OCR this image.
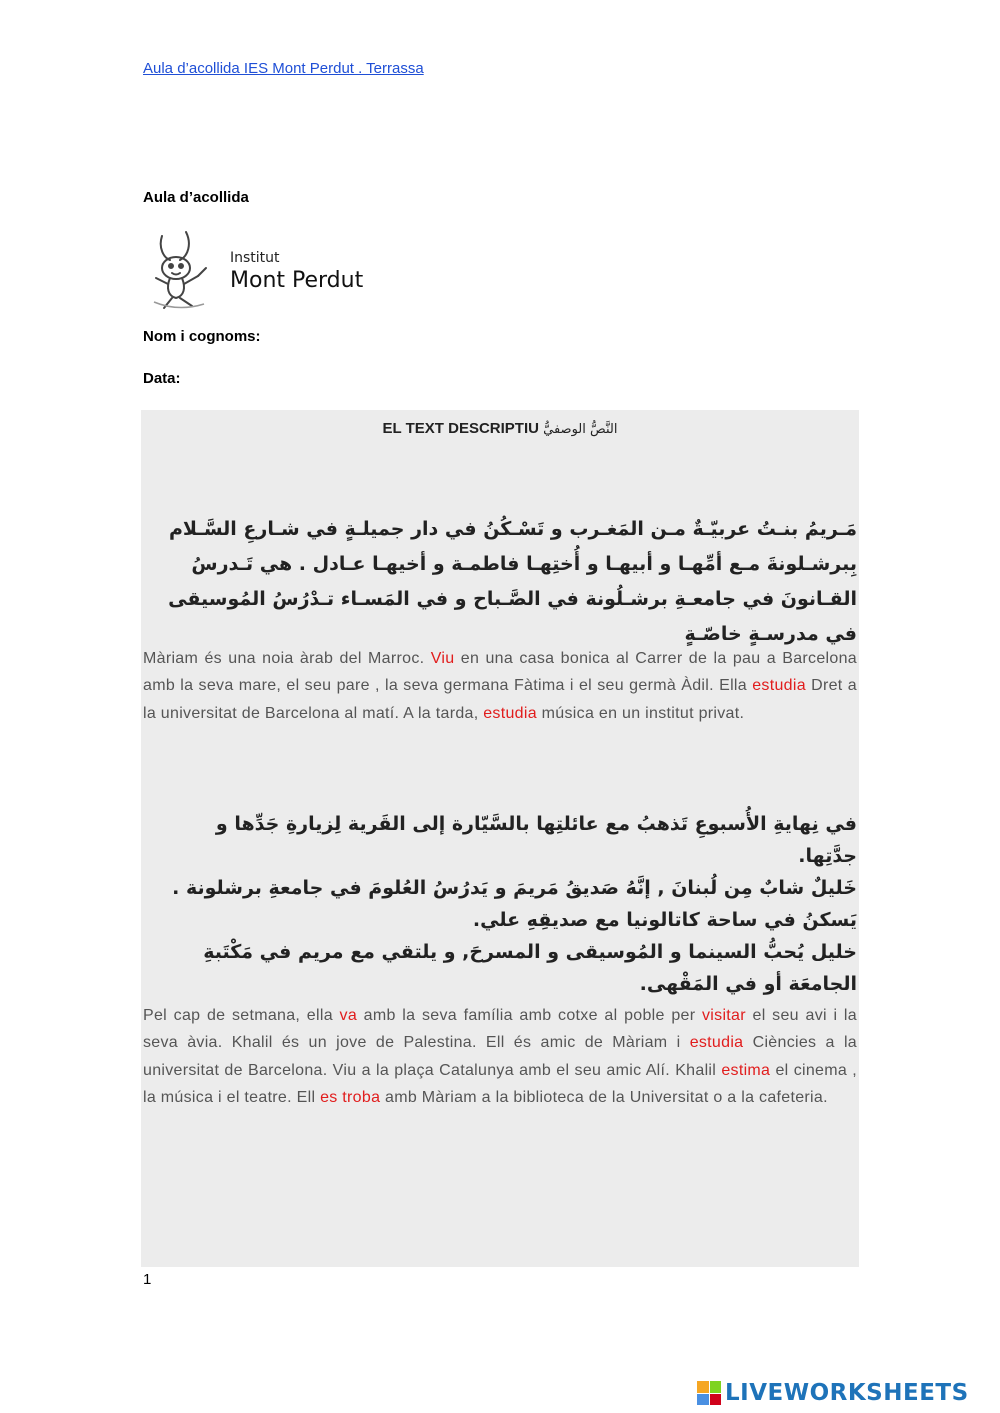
Aula d’acollida IES Mont Perdut . Terrassa
Aula d’acollida
Institut
Mont Perdut
Nom i cognoms:
Data:
EL TEXT DESCRIPTIU النَّصُّ الوصفيُّ

مَـريمُ بنـتُ عربيّـةٌ مـن المَغـرب و تَسْـكُنُ في دار جميلـةٍ في شـارعِ السَّـلام بِبرشـلونةَ مـع أمِّهـا و أبيهـا و أُختِهـا فاطمـة و أخيهـا عـادل . هي تَـدرسُ القـانونَ في جامعـةِ برشـلُونة في الصَّـباح و في المَسـاء تـدْرُسُ المُوسيقى في مدرسـةٍ خاصّـةٍ

Màriam és una noia àrab del Marroc. Viu en una casa bonica al Carrer de la pau a Barcelona amb la seva mare, el seu pare , la seva germana Fàtima i el seu germà Àdil. Ella estudia Dret a la universitat de Barcelona al matí. A la tarda, estudia música en un institut privat.

في نِهايةِ الأُسبوعِ تَذهبُ مع عائلتِها بالسَّيّارة إلى القَرية لِزيارةِ جَدِّها و جدَّتِها.

خَليلٌ شابٌ مِن لُبنانَ , إنَّهُ صَديقُ مَريمَ و يَدرُسُ العُلومَ في جامعةِ برشلونة . يَسكنُ في ساحة كاتالونيا مع صديقِهِ علي.

خليل يُحبُّ السينما و المُوسيقى و المسرحَ, و يلتقي مع مريم في مَكْتَبةِ الجامعَة أو في المَقْهى.

Pel cap de setmana, ella va amb la seva família amb cotxe al poble per visitar el seu avi i la seva àvia. Khalil és un jove de Palestina. Ell és amic de Màriam i estudia Ciències a la universitat de Barcelona. Viu a la plaça Catalunya amb el seu amic Alí. Khalil estima el cinema , la música i el teatre. Ell es troba amb Màriam a la biblioteca de la Universitat o a la cafeteria.
1
LIVEWORKSHEETS
